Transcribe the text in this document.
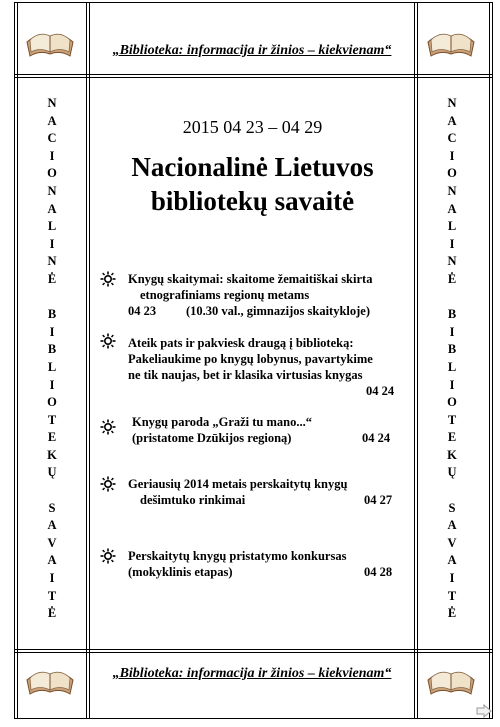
„Biblioteka: informacija ir žinios – kiekvienam“
„Biblioteka: informacija ir žinios – kiekvienam“
N
A
C
I
O
N
A
L
I
N
Ė
B
I
B
L
I
O
T
E
K
Ų
S
A
V
A
I
T
Ė
N
A
C
I
O
N
A
L
I
N
Ė
B
I
B
L
I
O
T
E
K
Ų
S
A
V
A
I
T
Ė
2015 04 23 – 04 29
Nacionalinė Lietuvos
bibliotekų savaitė
Knygų skaitymai: skaitome žemaitiškai skirta
etnografiniams regionų metams
04 23 (10.30 val., gimnazijos skaitykloje)
Ateik pats ir pakviesk draugą į biblioteką:
Pakeliaukime po knygų lobynus, pavartykime
ne tik naujas, bet ir klasika virtusias knygas
04 24
Knygų paroda „Graži tu mano...“
(pristatome Dzūkijos regioną)	04 24
Geriausių 2014 metais perskaitytų knygų
dešimtuko rinkimai	04 27
Perskaitytų knygų pristatymo konkursas
(mokyklinis etapas)	04 28
